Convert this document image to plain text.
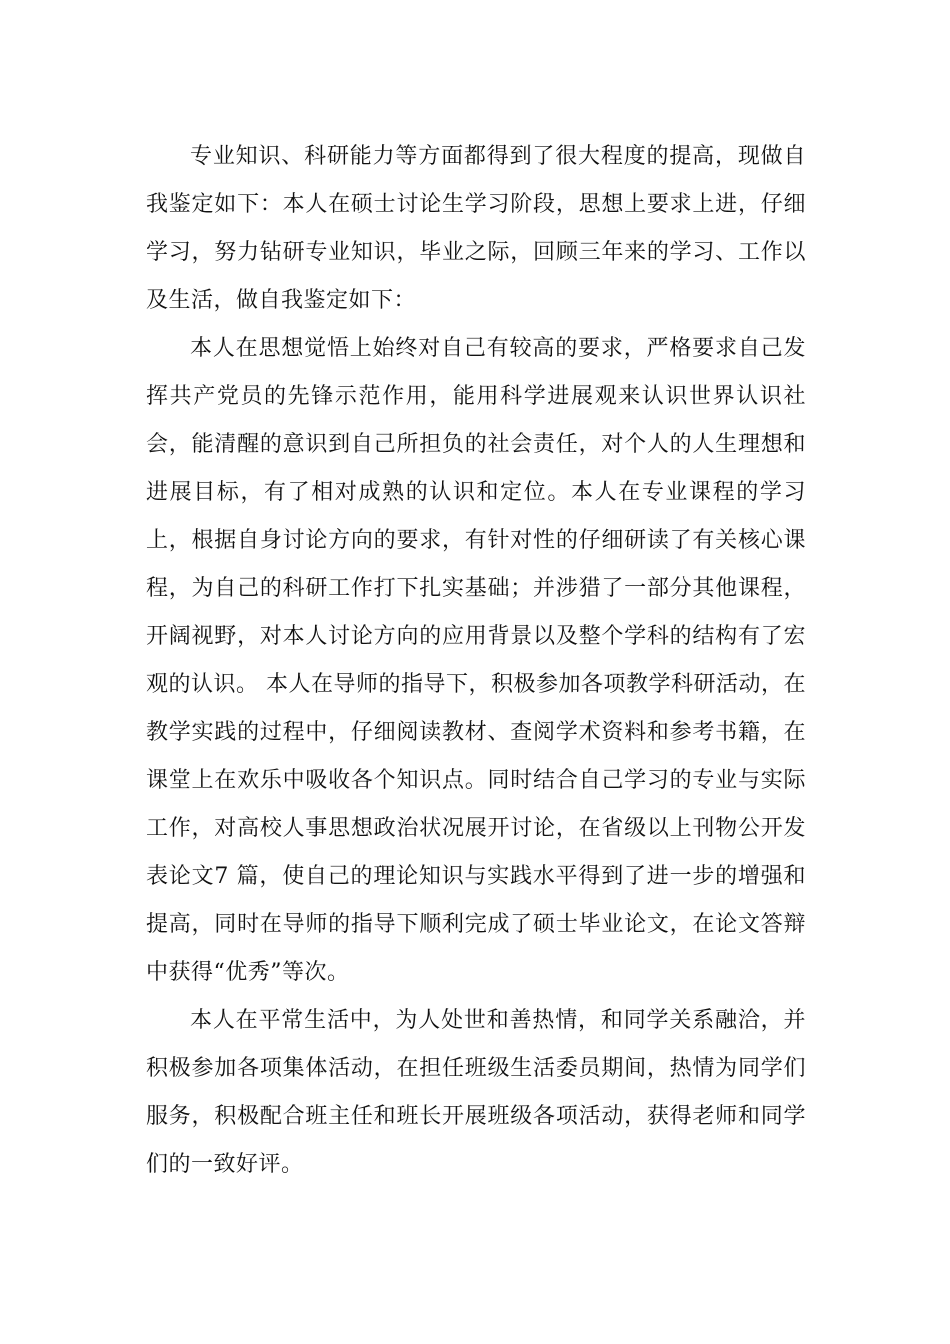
专业知识、科研能力等方面都得到了很大程度的提高，现做自我鉴定如下：本人在硕士讨论生学习阶段，思想上要求上进，仔细学习，努力钻研专业知识，毕业之际，回顾三年来的学习、工作以及生活，做自我鉴定如下：

本人在思想觉悟上始终对自己有较高的要求，严格要求自己发挥共产党员的先锋示范作用，能用科学进展观来认识世界认识社会，能清醒的意识到自己所担负的社会责任，对个人的人生理想和进展目标，有了相对成熟的认识和定位。本人在专业课程的学习上，根据自身讨论方向的要求，有针对性的仔细研读了有关核心课程，为自己的科研工作打下扎实基础；并涉猎了一部分其他课程，开阔视野，对本人讨论方向的应用背景以及整个学科的结构有了宏观的认识。 本人在导师的指导下，积极参加各项教学科研活动，在教学实践的过程中，仔细阅读教材、查阅学术资料和参考书籍，在课堂上在欢乐中吸收各个知识点。同时结合自己学习的专业与实际工作，对高校人事思想政治状况展开讨论，在省级以上刊物公开发表论文7 篇，使自己的理论知识与实践水平得到了进一步的增强和提高，同时在导师的指导下顺利完成了硕士毕业论文，在论文答辩中获得“优秀”等次。

本人在平常生活中，为人处世和善热情，和同学关系融洽，并积极参加各项集体活动，在担任班级生活委员期间，热情为同学们服务，积极配合班主任和班长开展班级各项活动，获得老师和同学们的一致好评。
